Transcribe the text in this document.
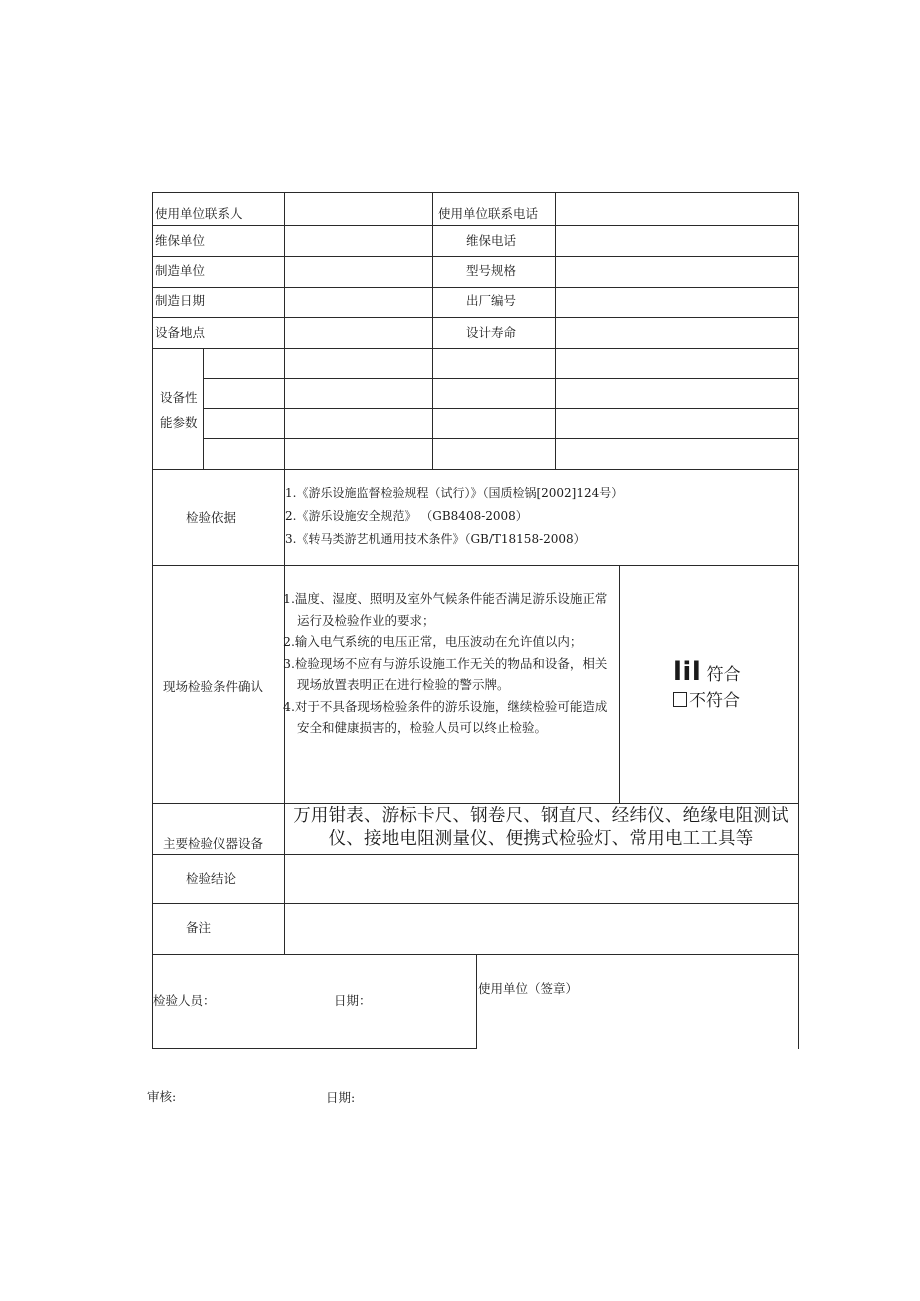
使用单位联系人	使用单位联系电话
维保单位	维保电话
制造单位	型号规格
制造日期	出厂编号
设备地点	设计寿命
设备性
能参数
检验依据
1.《游乐设施监督检验规程（试行）》（国质检锅[2002]124号）
2.《游乐设施安全规范》 （GB8408-2008）
3.《转马类游艺机通用技术条件》（GB/T18158-2008）
现场检验条件确认

1.温度、湿度、照明及室外气候条件能否满足游乐设施正常运行及检验作业的要求；

2.输入电气系统的电压正常，电压波动在允许值以内；

3.检验现场不应有与游乐设施工作无关的物品和设备，相关现场放置表明正在进行检验的警示牌。

4.对于不具备现场检验条件的游乐设施，继续检验可能造成安全和健康损害的，检验人员可以终止检验。

lil 符合
不符合
主要检验仪器设备
万用钳表、游标卡尺、钢卷尺、钢直尺、经纬仪、绝缘电阻测试仪、接地电阻测量仪、便携式检验灯、常用电工工具等
检验结论
备注
检验人员：	日期：
使用单位（签章）
审核:	日期:
